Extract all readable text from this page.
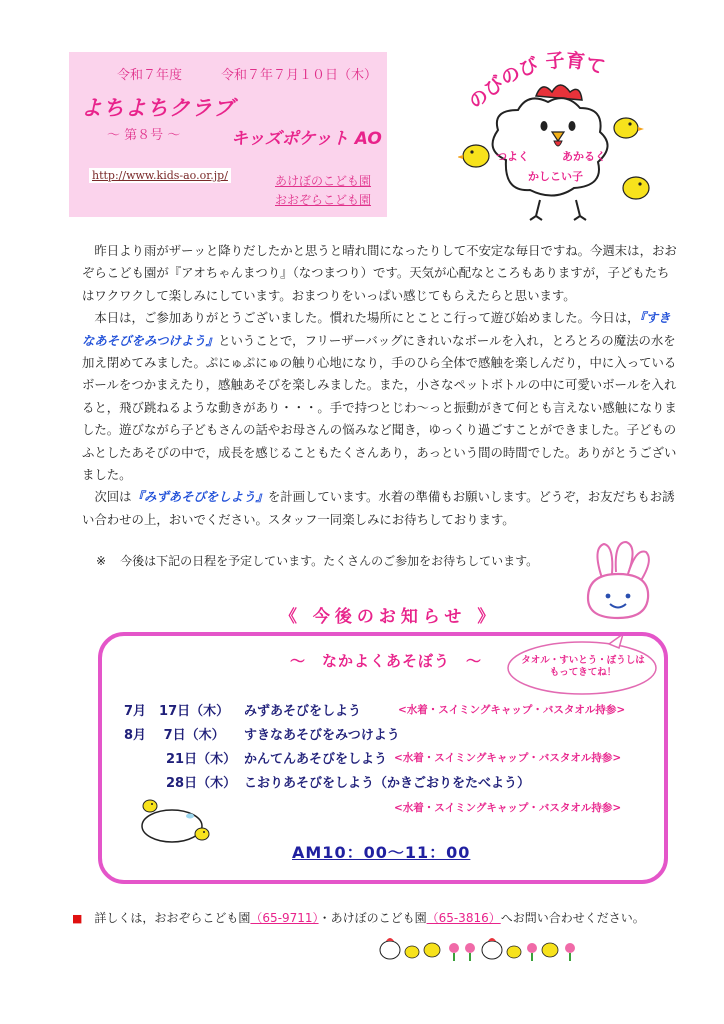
令和７年度	令和７年７月１０日（木）
よちよちクラブ
～ 第８号 ～	キッズポケット AO
http://www.kids-ao.or.jp/	あけぼのこども園
おおぞらこども園
のびのび 子育て
つよく	あかるく
かしこい子

　昨日より雨がザーッと降りだしたかと思うと晴れ間になったりして不安定な毎日ですね。今週末は，おおぞらこども園が『アオちゃんまつり』（なつまつり）です。天気が心配なところもありますが，子どもたちはワクワクして楽しみにしています。おまつりをいっぱい感じてもらえたらと思います。

　本日は，ご参加ありがとうございました。慣れた場所にとことこ行って遊び始めました。今日は，『すきなあそびをみつけよう』ということで，フリーザーバッグにきれいなボールを入れ，とろとろの魔法の水を加え閉めてみました。ぷにゅぷにゅの触り心地になり，手のひら全体で感触を楽しんだり，中に入っているボールをつかまえたり，感触あそびを楽しみました。また，小さなペットボトルの中に可愛いボールを入れると，飛び跳ねるような動きがあり・・・。手で持つとじわ～っと振動がきて何とも言えない感触になりました。遊びながら子どもさんの話やお母さんの悩みなど聞き，ゆっくり過ごすことができました。子どものふとしたあそびの中で，成長を感じることもたくさんあり，あっという間の時間でした。ありがとうございました。

　次回は『みずあそびをしよう』を計画しています。水着の準備もお願いします。どうぞ，お友だちもお誘い合わせの上，おいでください。スタッフ一同楽しみにお待ちしております。

※ 今後は下記の日程を予定しています。たくさんのご参加をお待ちしています。
タオル・すいとう・ぼうしは
もってきてね！
《 今後のお知らせ 》
～　なかよくあそぼう　～
7月　17日（木） みずあそびをしよう	<水着・スイミングキャップ・バスタオル持参>
8月　 7日（木） すきなあそびをみつけよう
21日（木） かんてんあそびをしよう <水着・スイミングキャップ・バスタオル持参>
28日（木） こおりあそびをしよう（かきごおりをたべよう）
<水着・スイミングキャップ・バスタオル持参>
AM10：00～11：00
■ 詳しくは，おおぞらこども園（65-9711）・あけぼのこども園（65-3816）へお問い合わせください。
